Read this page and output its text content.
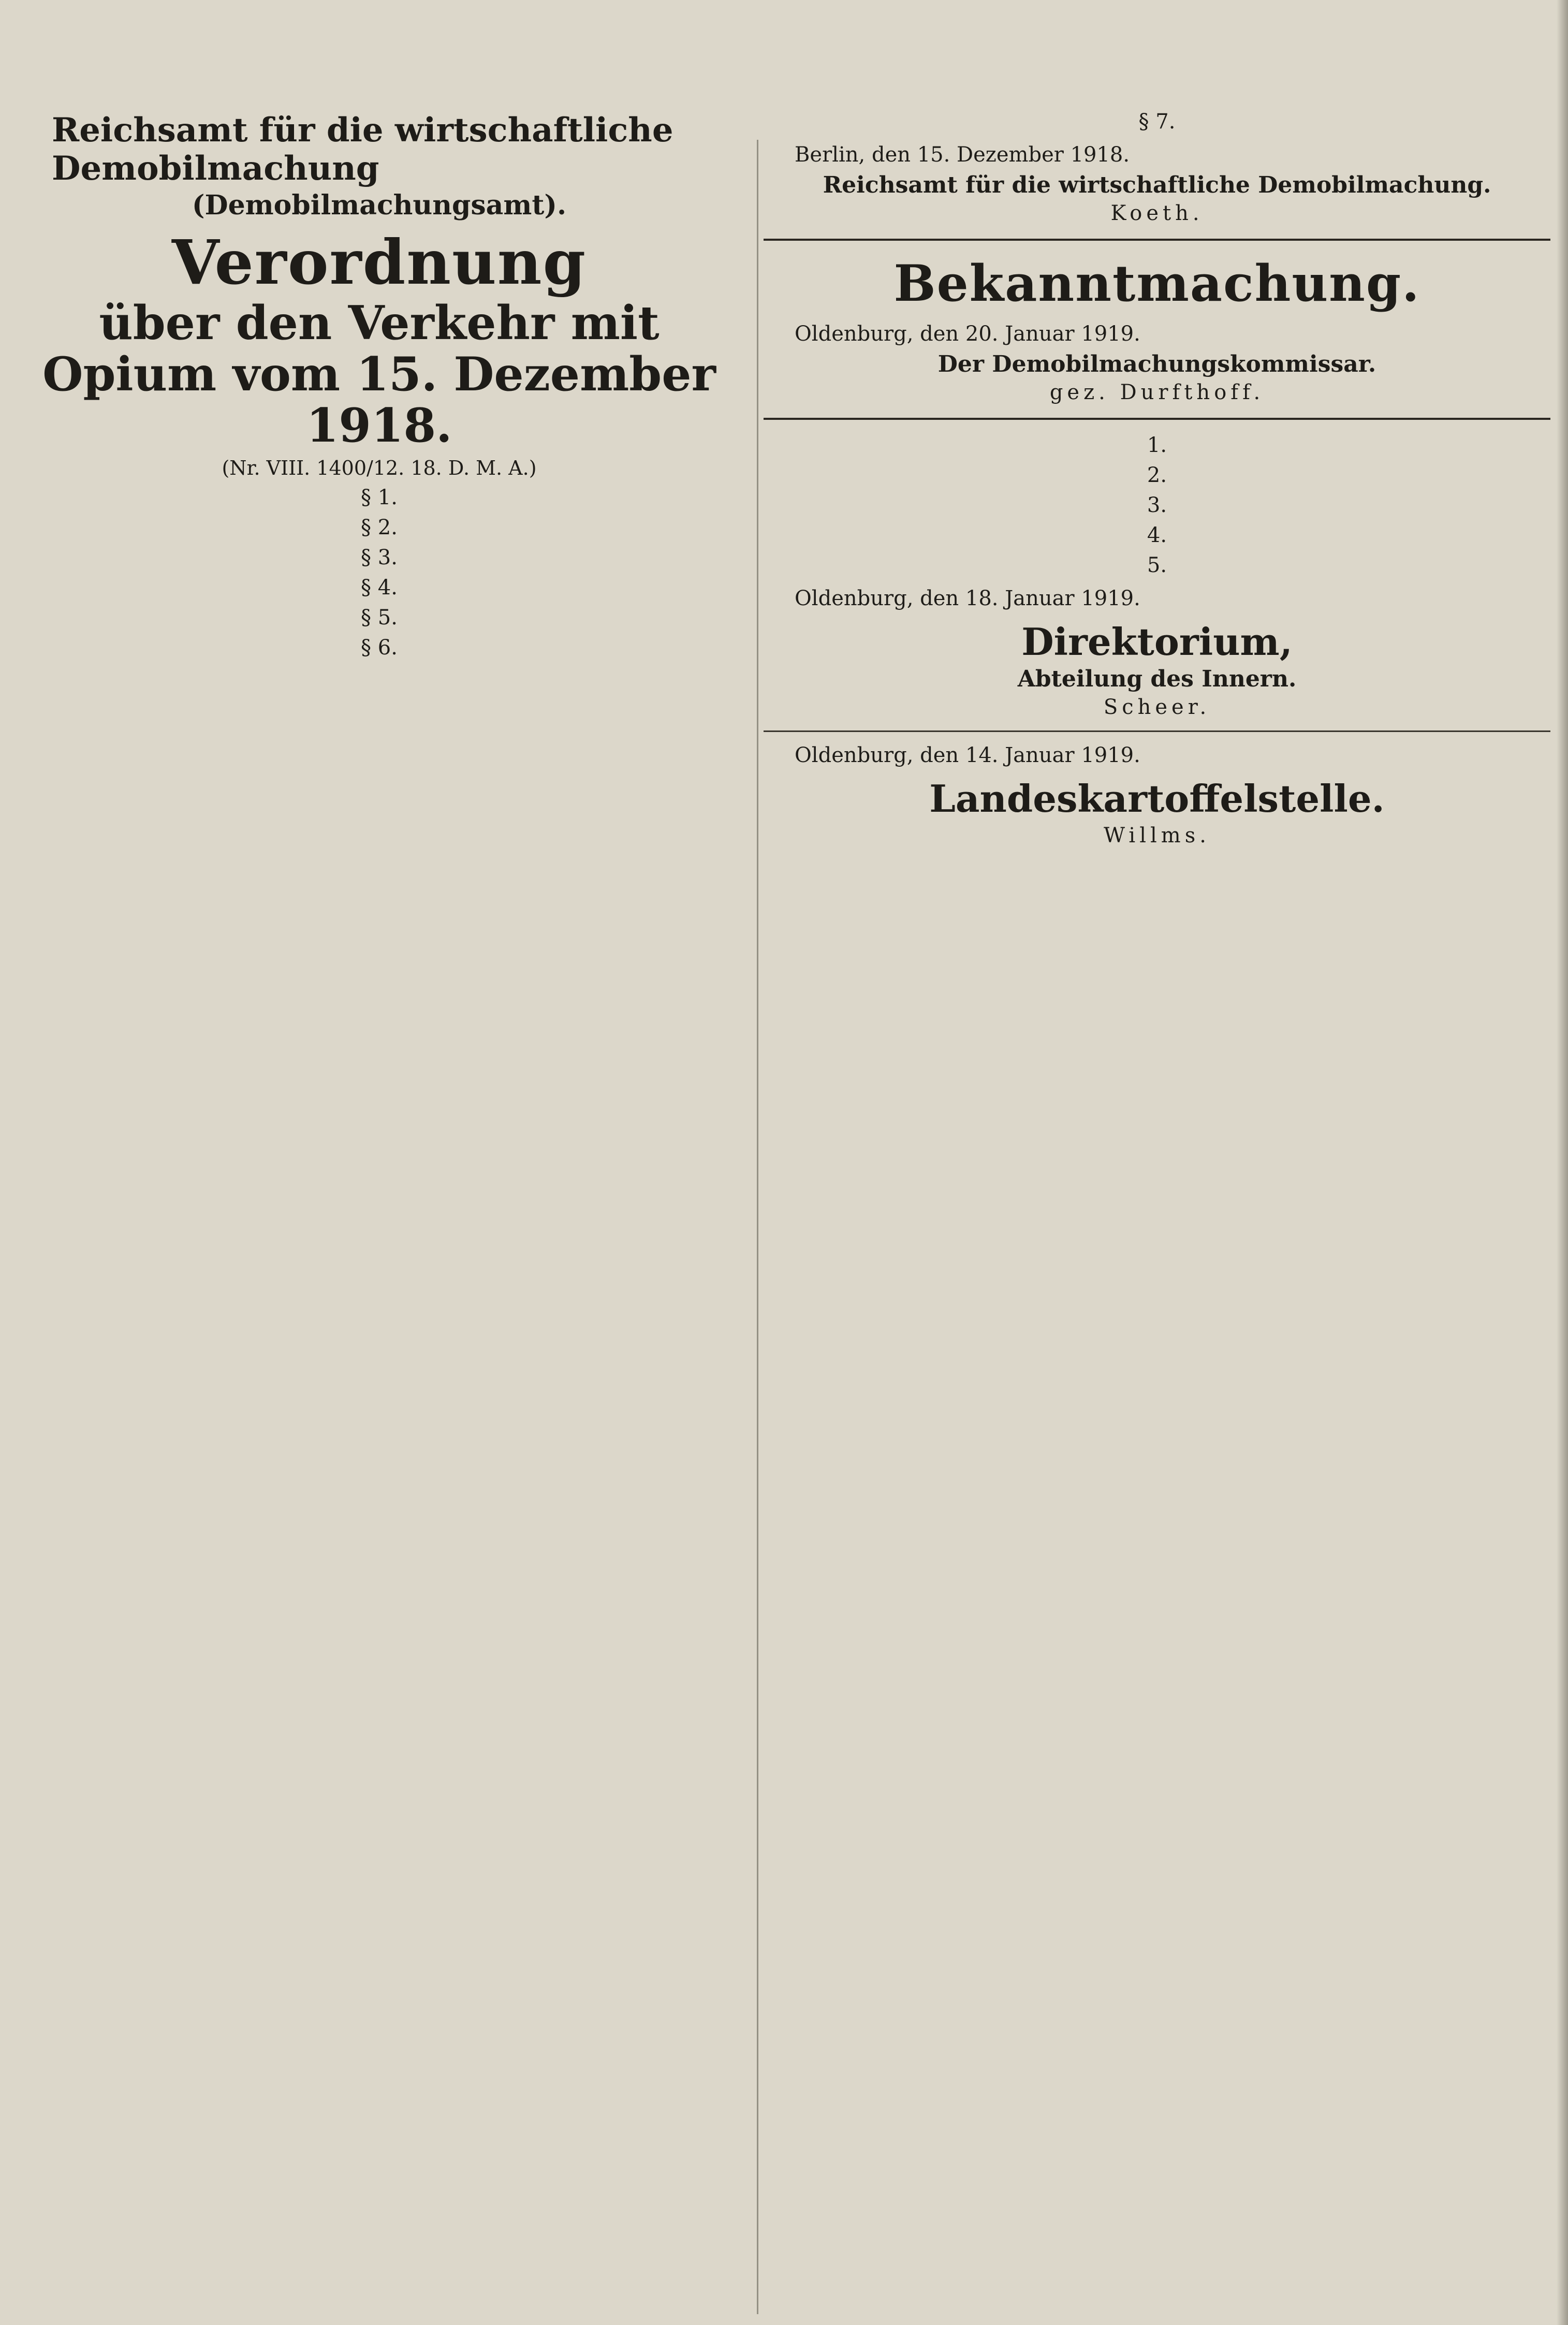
Reichsamt für die wirtschaftliche Demobilmachung
(Demobilmachungsamt).
Verordnung
über den Verkehr mit Opium vom 15. Dezember 1918.
(Nr. VIII. 1400/12. 18. D. M. A.)
§ 1.
§ 2.
§ 3.
§ 4.
§ 5.
§ 6.
§ 7.
Berlin, den 15. Dezember 1918.
Reichsamt für die wirtschaftliche Demobilmachung.
Koeth.
Bekanntmachung.
Oldenburg, den 20. Januar 1919.
Der Demobilmachungskommissar.
gez. Durfthoff.
1.
2.
3.
4.
5.
Oldenburg, den 18. Januar 1919.
Direktorium,
Abteilung des Innern.
Scheer.
Oldenburg, den 14. Januar 1919.
Landeskartoffelstelle.
Willms.
